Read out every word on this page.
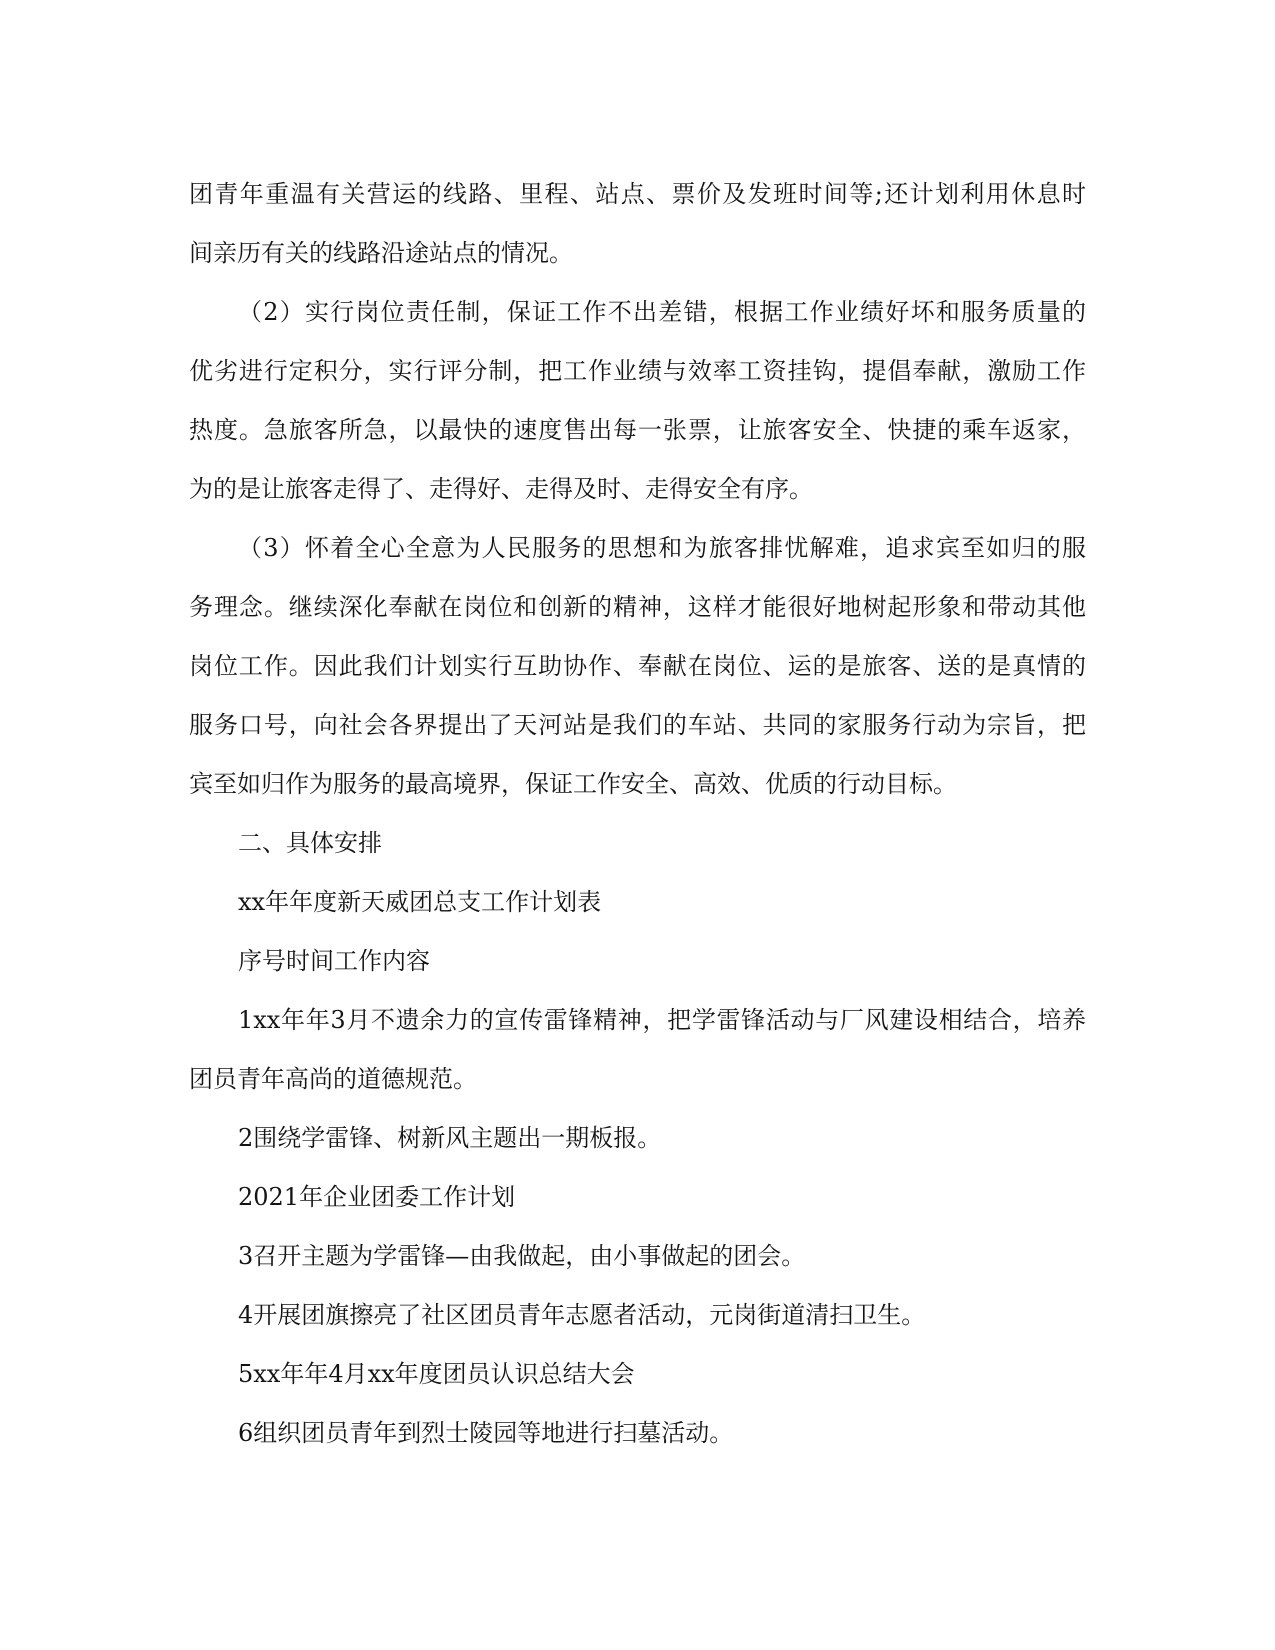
团青年重温有关营运的线路、里程、站点、票价及发班时间等;还计划利用休息时
间亲历有关的线路沿途站点的情况。
（2）实行岗位责任制，保证工作不出差错，根据工作业绩好坏和服务质量的
优劣进行定积分，实行评分制，把工作业绩与效率工资挂钩，提倡奉献，激励工作
热度。急旅客所急，以最快的速度售出每一张票，让旅客安全、快捷的乘车返家，
为的是让旅客走得了、走得好、走得及时、走得安全有序。
（3）怀着全心全意为人民服务的思想和为旅客排忧解难，追求宾至如归的服
务理念。继续深化奉献在岗位和创新的精神，这样才能很好地树起形象和带动其他
岗位工作。因此我们计划实行互助协作、奉献在岗位、运的是旅客、送的是真情的
服务口号，向社会各界提出了天河站是我们的车站、共同的家服务行动为宗旨，把
宾至如归作为服务的最高境界，保证工作安全、高效、优质的行动目标。
二、具体安排
xx年年度新天威团总支工作计划表
序号时间工作内容
1xx年年3月不遗余力的宣传雷锋精神，把学雷锋活动与厂风建设相结合，培养
团员青年高尚的道德规范。
2围绕学雷锋、树新风主题出一期板报。
2021年企业团委工作计划
3召开主题为学雷锋—由我做起，由小事做起的团会。
4开展团旗擦亮了社区团员青年志愿者活动，元岗街道清扫卫生。
5xx年年4月xx年度团员认识总结大会
6组织团员青年到烈士陵园等地进行扫墓活动。
